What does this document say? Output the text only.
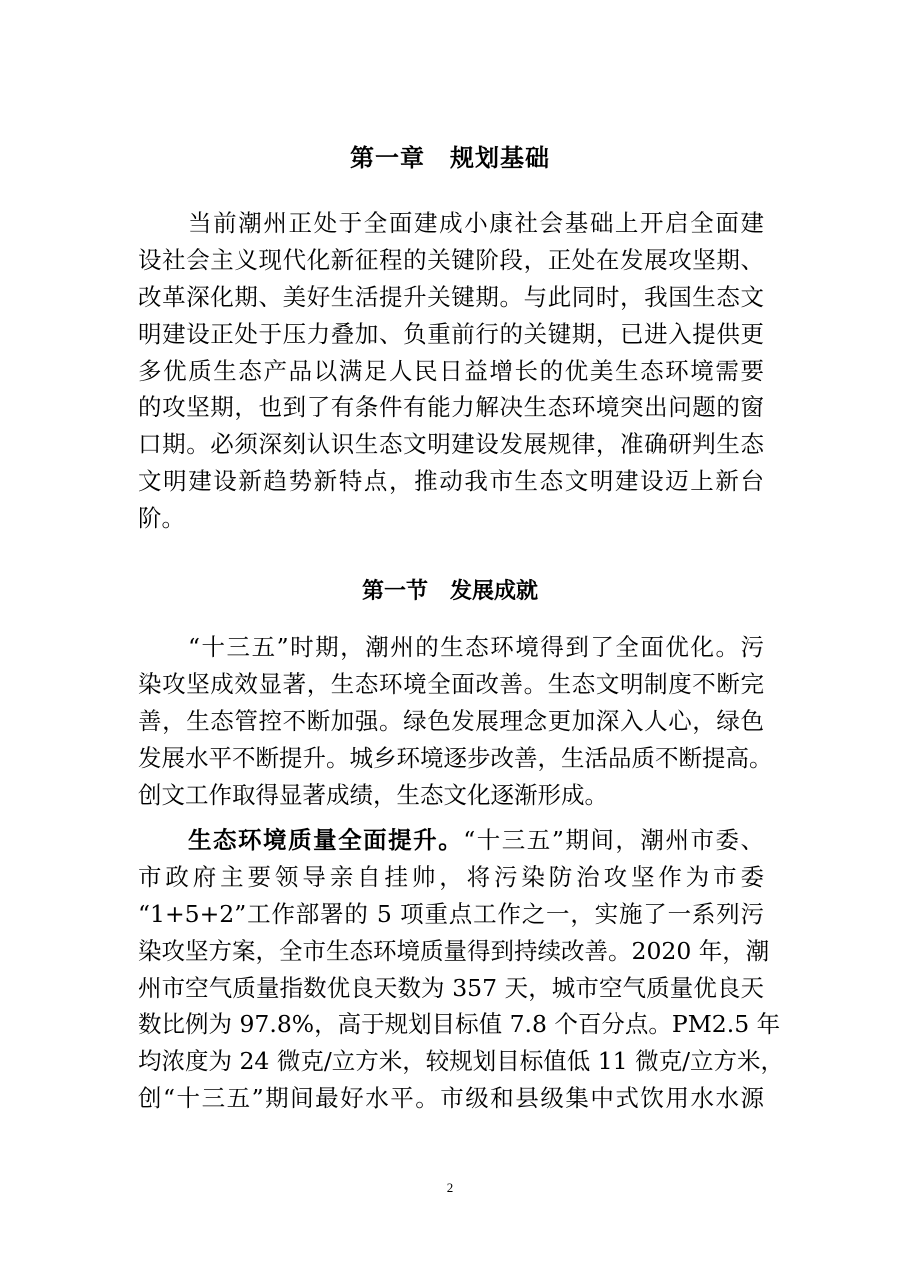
第一章　规划基础
当前潮州正处于全面建成小康社会基础上开启全面建
设社会主义现代化新征程的关键阶段，正处在发展攻坚期、
改革深化期、美好生活提升关键期。与此同时，我国生态文
明建设正处于压力叠加、负重前行的关键期，已进入提供更
多优质生态产品以满足人民日益增长的优美生态环境需要
的攻坚期，也到了有条件有能力解决生态环境突出问题的窗
口期。必须深刻认识生态文明建设发展规律，准确研判生态
文明建设新趋势新特点，推动我市生态文明建设迈上新台
阶。
第一节　发展成就
“十三五”时期，潮州的生态环境得到了全面优化。污
染攻坚成效显著，生态环境全面改善。生态文明制度不断完
善，生态管控不断加强。绿色发展理念更加深入人心，绿色
发展水平不断提升。城乡环境逐步改善，生活品质不断提高。
创文工作取得显著成绩，生态文化逐渐形成。
生态环境质量全面提升。“十三五”期间，潮州市委、
市政府主要领导亲自挂帅，将污染防治攻坚作为市委
“1+5+2”工作部署的 5 项重点工作之一，实施了一系列污
染攻坚方案，全市生态环境质量得到持续改善。2020 年，潮
州市空气质量指数优良天数为 357 天，城市空气质量优良天
数比例为 97.8%，高于规划目标值 7.8 个百分点。PM2.5 年
均浓度为 24 微克/立方米，较规划目标值低 11 微克/立方米，
创“十三五”期间最好水平。市级和县级集中式饮用水水源
2
